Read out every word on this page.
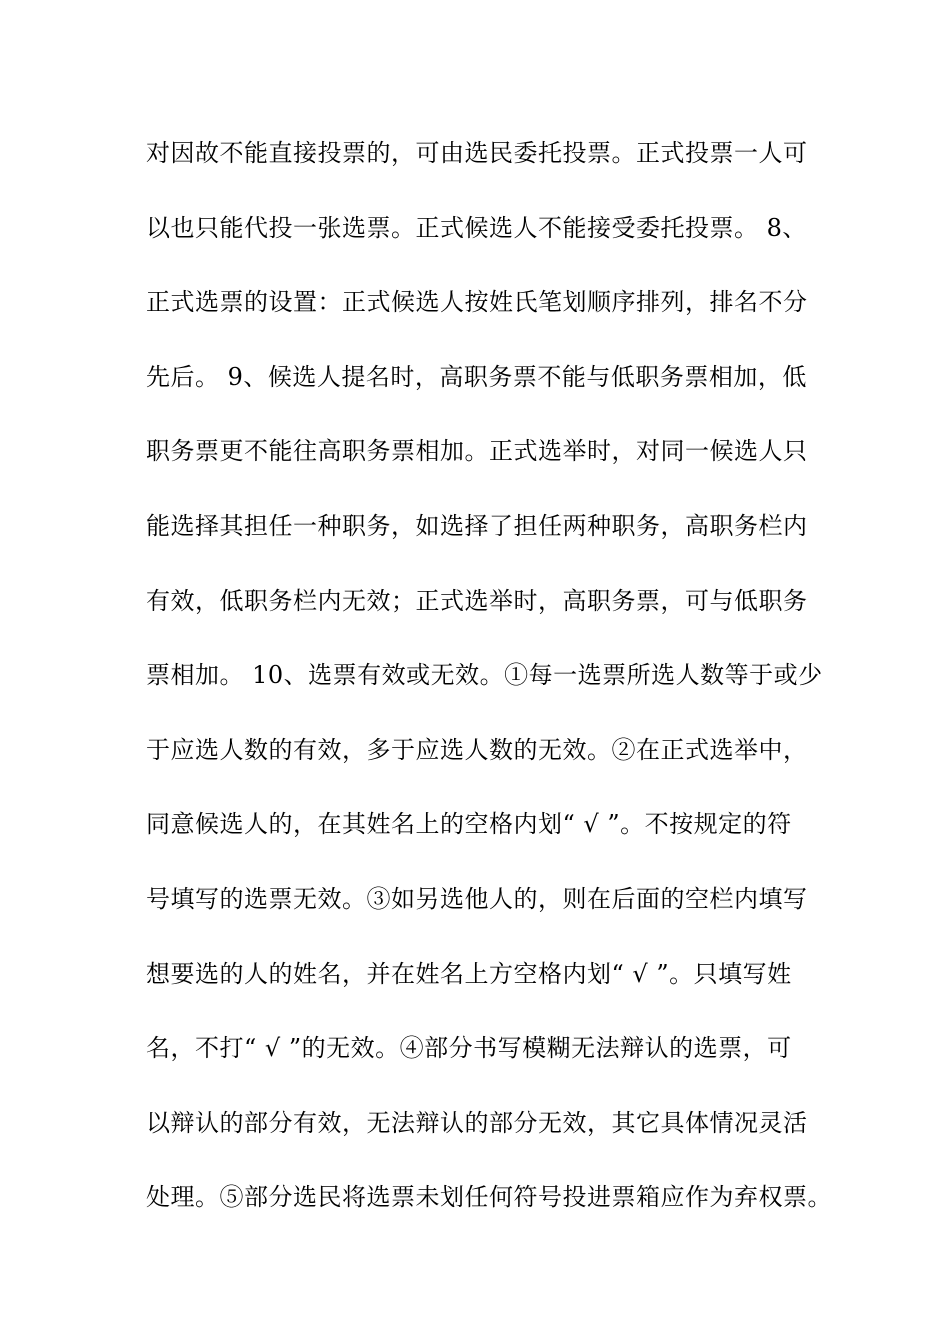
对因故不能直接投票的，可由选民委托投票。正式投票一人可
以也只能代投一张选票。正式候选人不能接受委托投票。 8、
正式选票的设置：正式候选人按姓氏笔划顺序排列，排名不分
先后。 9、候选人提名时，高职务票不能与低职务票相加，低
职务票更不能往高职务票相加。正式选举时，对同一候选人只
能选择其担任一种职务，如选择了担任两种职务，高职务栏内
有效，低职务栏内无效；正式选举时，高职务票，可与低职务
票相加。 10、选票有效或无效。①每一选票所选人数等于或少
于应选人数的有效，多于应选人数的无效。②在正式选举中，
同意候选人的，在其姓名上的空格内划“ √ ”。不按规定的符
号填写的选票无效。③如另选他人的，则在后面的空栏内填写
想要选的人的姓名，并在姓名上方空格内划“ √ ”。只填写姓
名，不打“ √ ”的无效。④部分书写模糊无法辩认的选票，可
以辩认的部分有效，无法辩认的部分无效，其它具体情况灵活
处理。⑤部分选民将选票未划任何符号投进票箱应作为弃权票。
